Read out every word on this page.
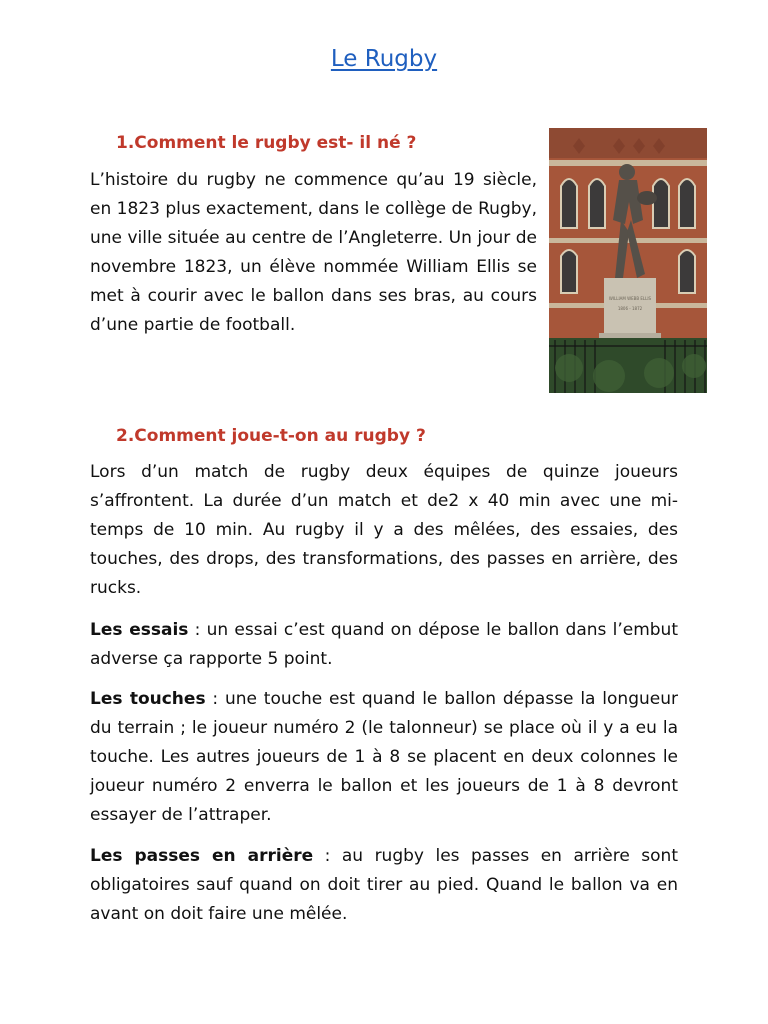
Le Rugby
1.Comment le rugby est- il né ?
L’histoire du rugby ne commence qu’au 19 siècle, en 1823 plus exactement, dans le collège de Rugby, une ville située au centre de l’Angleterre. Un jour de novembre 1823, un élève nommée William Ellis se met à courir avec le ballon dans ses bras, au cours d’une partie de football.
WILLIAM WEBB ELLIS
1806 - 1872
2.Comment joue-t-on au rugby ?
Lors d’un match de rugby deux équipes de quinze joueurs s’affrontent. La durée d’un match et de2 x 40 min avec une mi-temps de 10 min. Au rugby il y a des mêlées, des essaies, des touches, des drops, des transformations, des passes en arrière, des rucks.
Les essais : un essai c’est quand on dépose le ballon dans l’embut adverse ça rapporte 5 point.
Les touches : une touche est quand le ballon dépasse la longueur du terrain ; le joueur numéro 2 (le talonneur) se place où il y a eu la touche. Les autres joueurs de 1 à 8 se placent en deux colonnes le joueur numéro 2 enverra le ballon et les joueurs de 1 à 8 devront essayer de l’attraper.
Les passes en arrière : au rugby les passes en arrière sont obligatoires sauf quand on doit tirer au pied. Quand le ballon va en avant on doit faire une mêlée.
